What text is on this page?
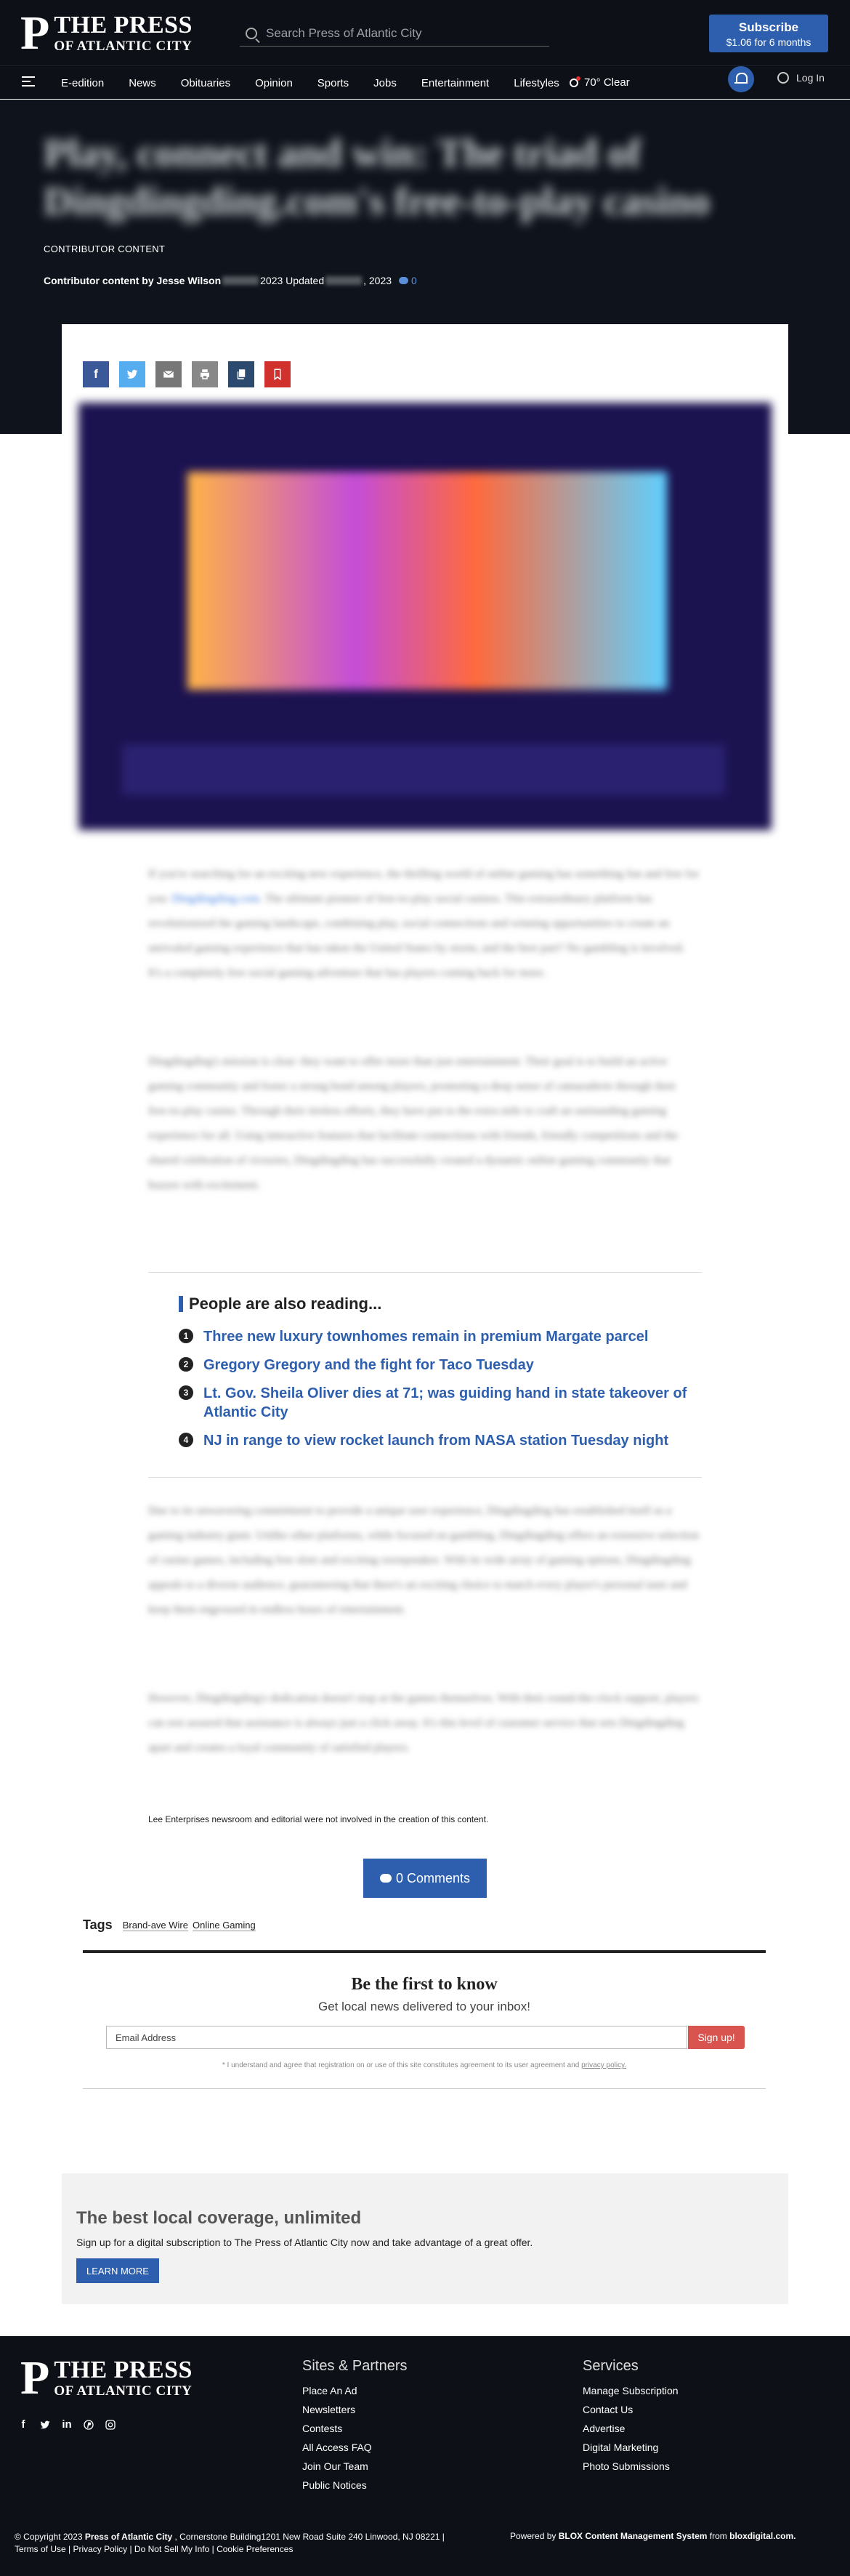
P THE PRESS
OF ATLANTIC CITY
Search Press of Atlantic City
Subscribe
$1.06 for 6 months
E-edition News Obituaries Opinion Sports Jobs Entertainment Lifestyles 70° Clear	Log In
Play, connect and win: The triad of Dingdingding.com's free-to-play casino
CONTRIBUTOR CONTENT
Contributor content by Jesse Wilson	2023
Updated	, 2023 0
f

If you're searching for an exciting new experience, the thrilling world of online gaming has something fun and free for you: Dingdingding.com. The ultimate pioneer of free-to-play social casinos. This extraordinary platform has revolutionized the gaming landscape, combining play, social connections and winning opportunities to create an unrivaled gaming experience that has taken the United States by storm, and the best part? No gambling is involved. It's a completely free social gaming adventure that has players coming back for more.

Dingdingding's mission is clear: they want to offer more than just entertainment. Their goal is to build an active gaming community and foster a strong bond among players, promoting a deep sense of camaraderie through their free-to-play casino. Through their tireless efforts, they have put to the extra mile to craft an outstanding gaming experience for all. Using interactive features that facilitate connections with friends, friendly competitions and the shared celebration of victories, Dingdingding has successfully created a dynamic online gaming community that buzzes with excitement.

People are also reading...
1	Three new luxury townhomes remain in premium Margate parcel
2	Gregory Gregory and the fight for Taco Tuesday
3	Lt. Gov. Sheila Oliver dies at 71; was guiding hand in state takeover of Atlantic City
4	NJ in range to view rocket launch from NASA station Tuesday night

Due to its unwavering commitment to provide a unique user experience, Dingdingding has established itself as a gaming industry giant. Unlike other platforms, while focused on gambling, Dingdingding offers an extensive selection of casino games, including free slots and exciting sweepstakes. With its wide array of gaming options, Dingdingding appeals to a diverse audience, guaranteeing that there's an exciting choice to match every player's personal taste and keep them engrossed in endless hours of entertainment.

However, Dingdingding's dedication doesn't stop at the games themselves. With their round-the-clock support, players can rest assured that assistance is always just a click away. It's this level of customer service that sets Dingdingding apart and creates a loyal community of satisfied players.

Lee Enterprises newsroom and editorial were not involved in the creation of this content.
0 Comments
Tags Brand-ave Wire Online Gaming
Be the first to know
Get local news delivered to your inbox!
Email Address	Sign up!
* I understand and agree that registration on or use of this site constitutes agreement to its user agreement and privacy policy.
The best local coverage, unlimited
Sign up for a digital subscription to The Press of Atlantic City now and take advantage of a great offer.
LEARN MORE
P THE PRESS
OF ATLANTIC CITY
f	in
Sites & Partners
Place An Ad
Newsletters
Contests
All Access FAQ
Join Our Team
Public Notices
Services
Manage Subscription
Contact Us
Advertise
Digital Marketing
Photo Submissions
© Copyright 2023 Press of Atlantic City , Cornerstone Building1201 New Road Suite 240 Linwood, NJ 08221 |
Terms of Use | Privacy Policy | Do Not Sell My Info | Cookie Preferences
Powered by BLOX Content Management System from bloxdigital.com.
